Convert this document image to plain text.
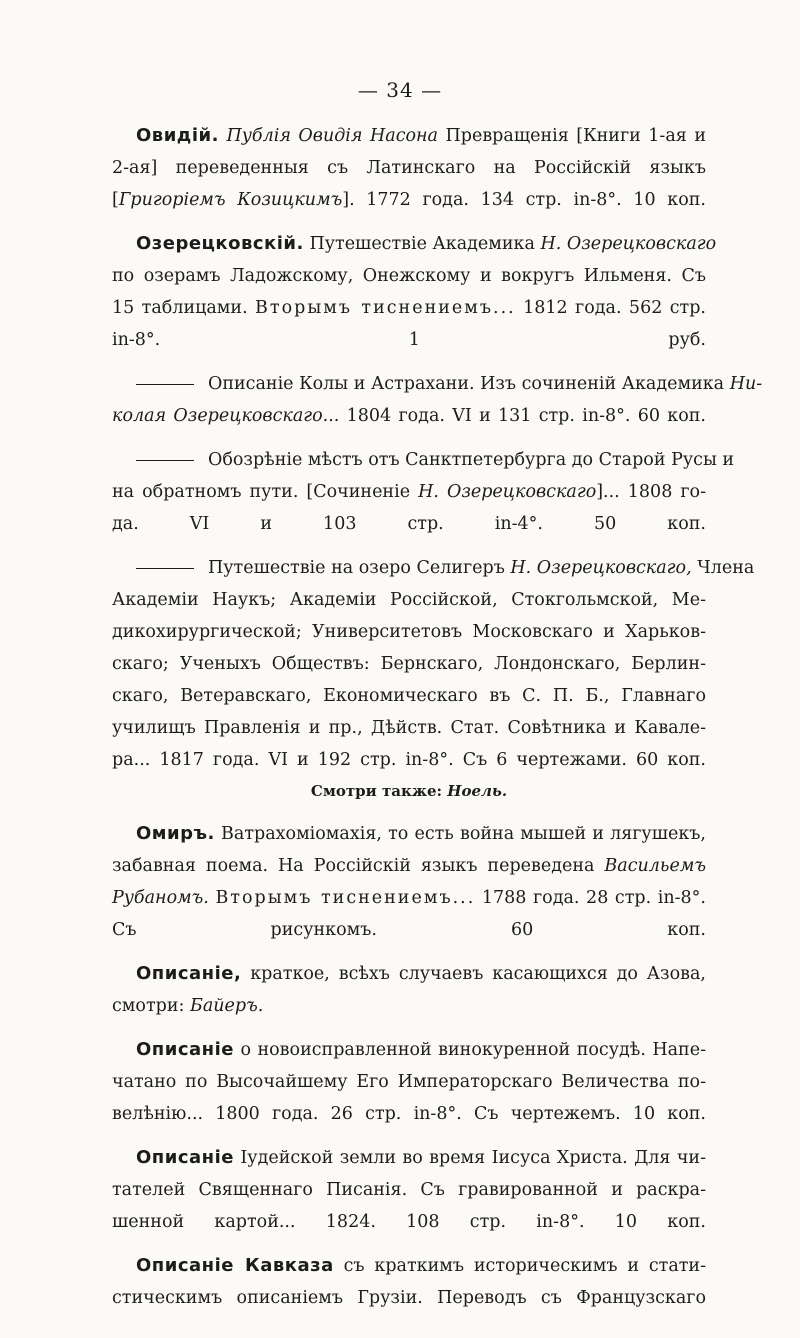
— 34 —
Овидiй. Публiя Овидiя Насона Превращенiя [Книги 1-ая и
2-ая] переведенныя съ Латинскаго на Россiйскiй языкъ
[Григорiемъ Козицкимъ]. 1772 года. 134 стр. in-8°. 10 коп.
Озерецковскiй. Путешествiе Академика Н. Озерецковскаго
по озерамъ Ладожскому, Онежскому и вокругъ Ильменя. Съ
15 таблицами. Вторымъ тиснениемъ... 1812 года. 562 стр.
in-8°. 1 руб.
Описанiе Колы и Астрахани. Изъ сочиненiй Академика Ни-
колая Озерецковскаго... 1804 года. VI и 131 стр. in-8°. 60 коп.
Обозрѣнiе мѣстъ отъ Санктпетербурга до Старой Русы и
на обратномъ пути. [Сочиненiе Н. Озерецковскаго]... 1808 го-
да. VI и 103 стр. in-4°. 50 коп.
Путешествiе на озеро Селигеръ Н. Озерецковскаго, Члена
Академiи Наукъ; Академiи Россiйской, Стокгольмской, Ме-
дикохирургической; Университетовъ Московскаго и Харьков-
скаго; Ученыхъ Обществъ: Бернскаго, Лондонскаго, Берлин-
скаго, Ветеравскаго, Економическаго въ С. П. Б., Главнаго
училищъ Правленiя и пр., Дѣйств. Стат. Совѣтника и Кавале-
ра... 1817 года. VI и 192 стр. in-8°. Съ 6 чертежами. 60 коп.
Смотри также: Ноель.
Омиръ. Ватрахомiомахiя, то есть война мышей и лягушекъ,
забавная поема. На Россiйскiй языкъ переведена Васильемъ
Рубаномъ. Вторымъ тиснениемъ... 1788 года. 28 стр. in-8°.
Съ рисункомъ. 60 коп.
Описанiе, краткое, всѣхъ случаевъ касающихся до Азова,
смотри: Байеръ.
Описанiе о новоисправленной винокуренной посудѣ. Напе-
чатано по Высочайшему Его Императорскаго Величества по-
велѣнiю... 1800 года. 26 стр. in-8°. Съ чертежемъ. 10 коп.
Описанiе Iудейской земли во время Iисуса Христа. Для чи-
тателей Священнаго Писанiя. Съ гравированной и раскра-
шенной картой... 1824. 108 стр. in-8°. 10 коп.
Описанiе Кавказа съ краткимъ историческимъ и стати-
стическимъ описанiемъ Грузiи. Переводъ съ Французскаго
